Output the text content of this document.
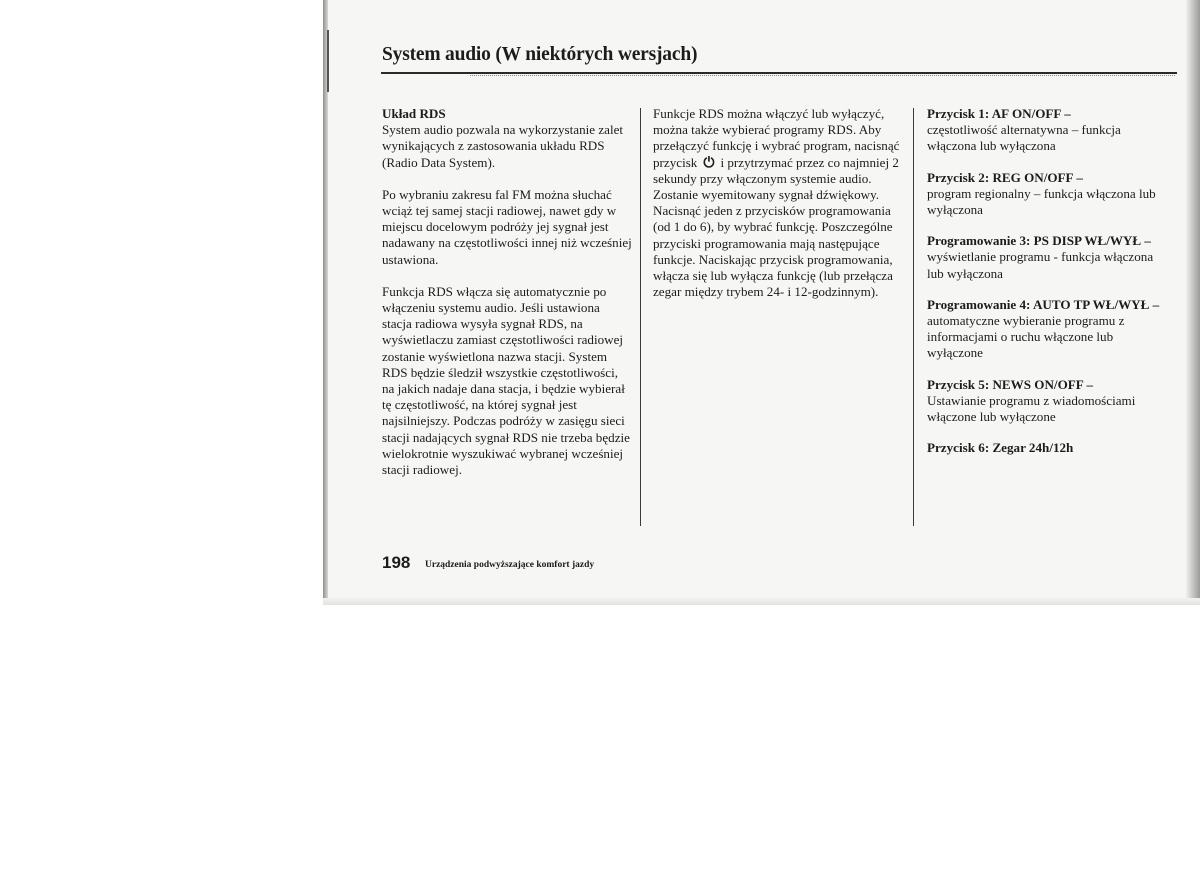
System audio (W niektórych wersjach)

Układ RDS
System audio pozwala na wykorzystanie zalet wynikających z zastosowania układu RDS (Radio Data System).

Po wybraniu zakresu fal FM można słuchać wciąż tej samej stacji radiowej, nawet gdy w miejscu docelowym podróży jej sygnał jest nadawany na częstotliwości innej niż wcześniej ustawiona.

Funkcja RDS włącza się automatycznie po włączeniu systemu audio. Jeśli ustawiona stacja radiowa wysyła sygnał RDS, na wyświetlaczu zamiast częstotliwości radiowej zostanie wyświetlona nazwa stacji. System RDS będzie śledził wszystkie częstotliwości, na jakich nadaje dana stacja, i będzie wybierał tę częstotliwość, na której sygnał jest najsilniejszy. Podczas podróży w zasięgu sieci stacji nadających sygnał RDS nie trzeba będzie wielokrotnie wyszukiwać wybranej wcześniej stacji radiowej.

Funkcje RDS można włączyć lub wyłączyć, można także wybierać programy RDS. Aby przełączyć funkcję i wybrać program, nacisnąć przycisk ⏻ i przytrzymać przez co najmniej 2 sekundy przy włączonym systemie audio. Zostanie wyemitowany sygnał dźwiękowy. Nacisnąć jeden z przycisków programowania (od 1 do 6), by wybrać funkcję. Poszczególne przyciski programowania mają następujące funkcje. Naciskając przycisk programowania, włącza się lub wyłącza funkcję (lub przełącza zegar między trybem 24- i 12-godzinnym).

Przycisk 1: AF ON/OFF –
częstotliwość alternatywna – funkcja włączona lub wyłączona

Przycisk 2: REG ON/OFF –
program regionalny – funkcja włączona lub wyłączona

Programowanie 3: PS DISP WŁ/WYŁ –
wyświetlanie programu - funkcja włączona lub wyłączona

Programowanie 4: AUTO TP WŁ/WYŁ –
automatyczne wybieranie programu z informacjami o ruchu włączone lub wyłączone

Przycisk 5: NEWS ON/OFF –
Ustawianie programu z wiadomościami włączone lub wyłączone

Przycisk 6: Zegar 24h/12h

198 Urządzenia podwyższające komfort jazdy
